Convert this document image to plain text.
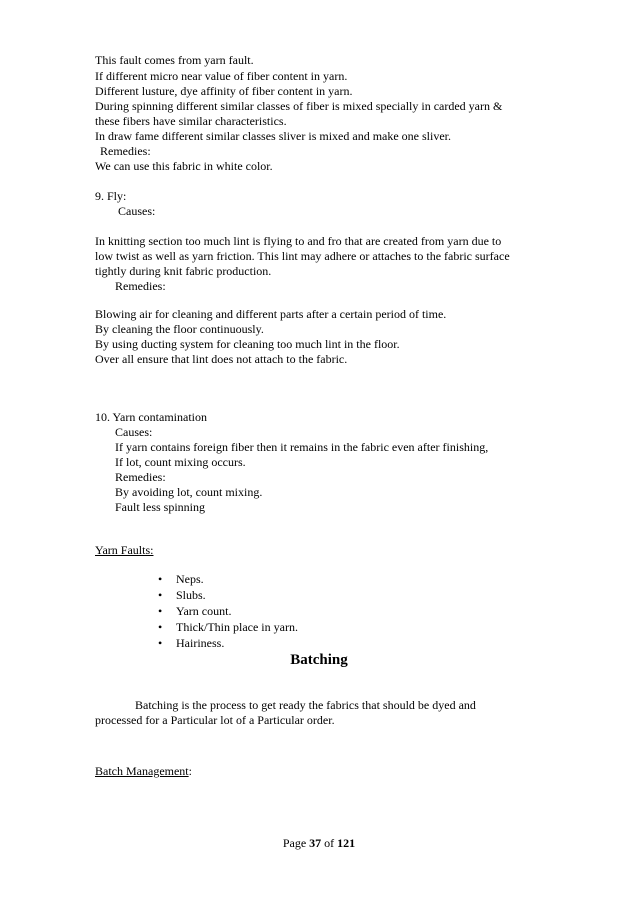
This fault comes from yarn fault.
If different micro near value of fiber content in yarn.
Different lusture, dye affinity of fiber content in yarn.
During spinning different similar classes of fiber is mixed specially in carded yarn &
these fibers have similar characteristics.
In draw fame different similar classes sliver is mixed and make one sliver.
Remedies:
We can use this fabric in white color.
9. Fly:
Causes:
In knitting section too much lint is flying to and fro that are created from yarn due to
low twist as well as yarn friction. This lint may adhere or attaches to the fabric surface
tightly during knit fabric production.
Remedies:
Blowing air for cleaning and different parts after a certain period of time.
By cleaning the floor continuously.
By using ducting system for cleaning too much lint in the floor.
Over all ensure that lint does not attach to the fabric.
10. Yarn contamination
Causes:
If yarn contains foreign fiber then it remains in the fabric even after finishing,
If lot, count mixing occurs.
Remedies:
By avoiding lot, count mixing.
Fault less spinning
Yarn Faults:
• Neps.
• Slubs.
• Yarn count.
• Thick/Thin place in yarn.
• Hairiness.
Batching
Batching is the process to get ready the fabrics that should be dyed and
processed for a Particular lot of a Particular order.
Batch Management:
Page 37 of 121
